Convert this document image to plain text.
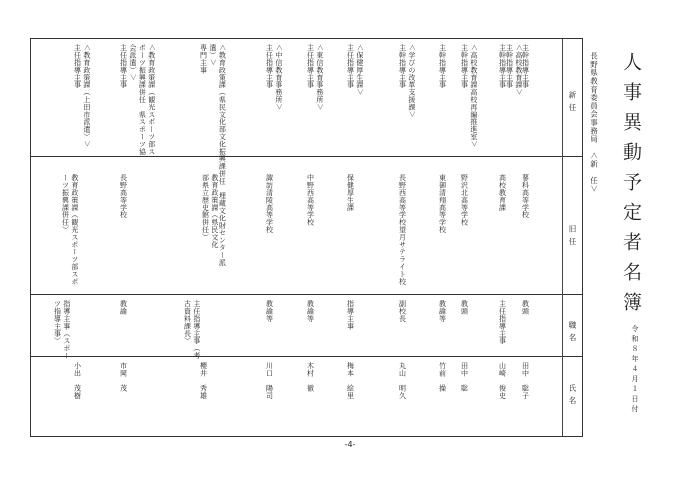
人事異動予定者名簿
長野県教育委員会事務局　＜新　任＞
令和８年４月１日付
新任
旧任
職名
氏名
＜高校教育課＞
主幹指導主事	主幹指導主事
蓼科高等学校
教頭
田中　聡子
主幹指導主事
高校教育課
主任指導主事
山崎　俊史
＜高校教育課高校再編推進室＞
主幹指導主事
野沢北高等学校
教頭
田中　聡
主幹指導主事
東御清翔高等学校
教諭等
竹前　操
＜学びの改革支援課＞
主幹指導主事
長野西高等学校望月サテライト校
副校長
丸山　明久
＜保健厚生課＞
主任指導主事
保健厚生課
指導主事
梅本　絵里
＜東信教育事務所＞
主任指導主事
中野西高等学校
教諭等
木村　徹
＜中信教育事務所＞
主任指導主事
諏訪清陵高等学校
教諭等
川口　陽司
＜教育政策課（県民文化部文化振興課併任　埋蔵文化財センター派遣）＞
専門主事
教育政策課（県民文化部県立歴史館併任）
主任指導主事（考古資料課長）
櫻井　秀雄
＜教育政策課（観光スポーツ部スポーツ振興課併任　県スポーツ協会派遣）＞
主任指導主事
長野高等学校
教諭
市岡　茂
＜教育政策課（上田市派遣）＞
主任指導主事
教育政策課（観光スポーツ部スポーツ振興課併任）
指導主事（スポーツ指導主事）
小出　茂樹
-4-
